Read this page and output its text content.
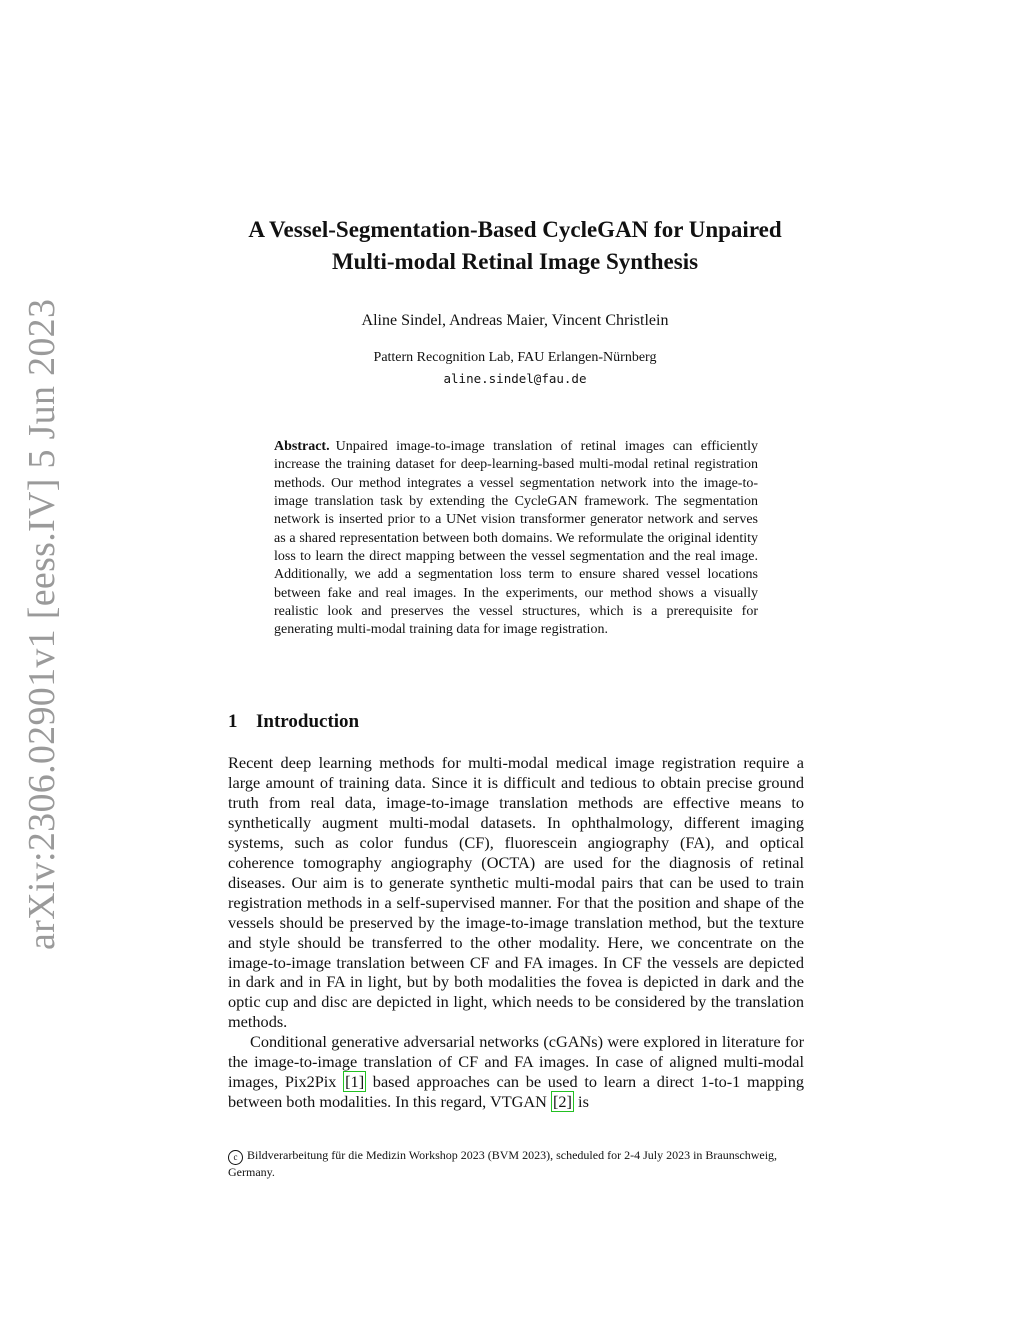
arXiv:2306.02901v1 [eess.IV] 5 Jun 2023
A Vessel-Segmentation-Based CycleGAN for Unpaired
Multi-modal Retinal Image Synthesis
Aline Sindel, Andreas Maier, Vincent Christlein
Pattern Recognition Lab, FAU Erlangen-Nürnberg
aline.sindel@fau.de
Abstract. Unpaired image-to-image translation of retinal images can efficiently increase the training dataset for deep-learning-based multi-modal retinal registration methods. Our method integrates a vessel segmentation network into the image-to-image translation task by extending the CycleGAN framework. The segmentation network is inserted prior to a UNet vision transformer generator network and serves as a shared representation between both domains. We reformulate the original identity loss to learn the direct mapping between the vessel segmentation and the real image. Additionally, we add a segmentation loss term to ensure shared vessel locations between fake and real images. In the experiments, our method shows a visually realistic look and preserves the vessel structures, which is a prerequisite for generating multi-modal training data for image registration.
1 Introduction

Recent deep learning methods for multi-modal medical image registration require a large amount of training data. Since it is difficult and tedious to obtain precise ground truth from real data, image-to-image translation methods are effective means to synthetically augment multi-modal datasets. In ophthalmology, different imaging systems, such as color fundus (CF), fluorescein angiography (FA), and optical coherence tomography angiography (OCTA) are used for the diagnosis of retinal diseases. Our aim is to generate synthetic multi-modal pairs that can be used to train registration methods in a self-supervised manner. For that the position and shape of the vessels should be preserved by the image-to-image translation method, but the texture and style should be transferred to the other modality. Here, we concentrate on the image-to-image translation between CF and FA images. In CF the vessels are depicted in dark and in FA in light, but by both modalities the fovea is depicted in dark and the optic cup and disc are depicted in light, which needs to be considered by the translation methods.

Conditional generative adversarial networks (cGANs) were explored in literature for the image-to-image translation of CF and FA images. In case of aligned multi-modal images, Pix2Pix [1] based approaches can be used to learn a direct 1-to-1 mapping between both modalities. In this regard, VTGAN [2] is

c Bildverarbeitung für die Medizin Workshop 2023 (BVM 2023), scheduled for 2-4 July 2023 in Braunschweig, Germany.
